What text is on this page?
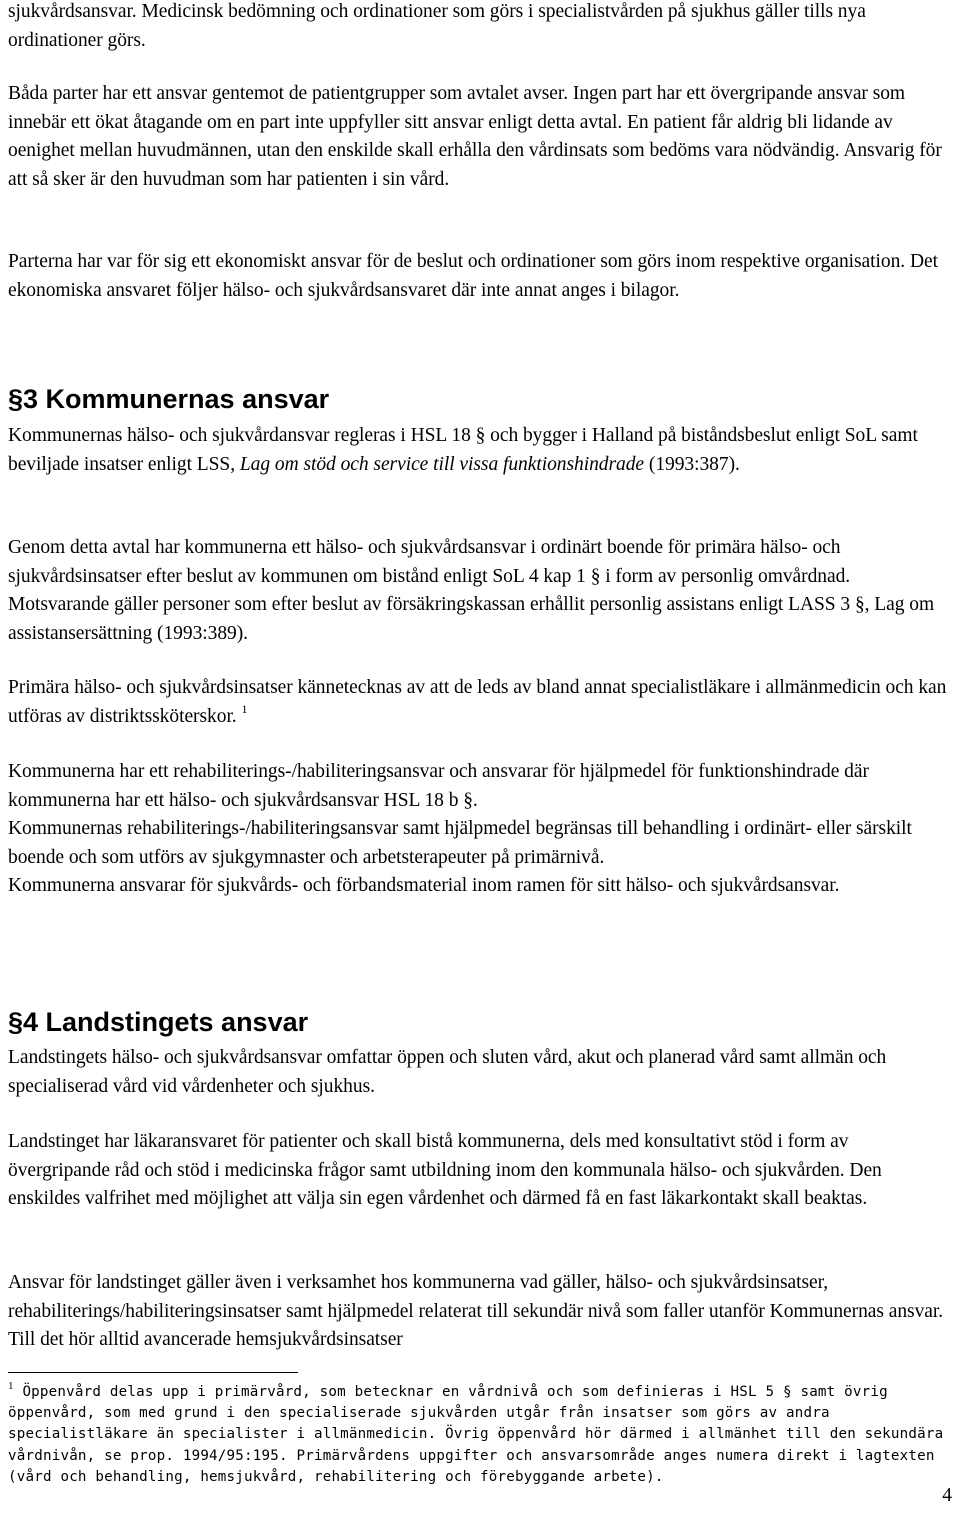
sjukvårdsansvar. Medicinsk bedömning och ordinationer som görs i specialistvården på sjukhus gäller tills nya ordinationer görs.

Båda parter har ett ansvar gentemot de patientgrupper som avtalet avser. Ingen part har ett övergripande ansvar som innebär ett ökat åtagande om en part inte uppfyller sitt ansvar enligt detta avtal. En patient får aldrig bli lidande av oenighet mellan huvudmännen, utan den enskilde skall erhålla den vårdinsats som bedöms vara nödvändig. Ansvarig för att så sker är den huvudman som har patienten i sin vård.

Parterna har var för sig ett ekonomiskt ansvar för de beslut och ordinationer som görs inom respektive organisation. Det ekonomiska ansvaret följer hälso- och sjukvårdsansvaret där inte annat anges i bilagor.

§3 Kommunernas ansvar

Kommunernas hälso- och sjukvårdansvar regleras i HSL 18 § och bygger i Halland på biståndsbeslut enligt SoL samt beviljade insatser enligt LSS, Lag om stöd och service till vissa funktionshindrade (1993:387).

Genom detta avtal har kommunerna ett hälso- och sjukvårdsansvar i ordinärt boende för primära hälso- och sjukvårdsinsatser efter beslut av kommunen om bistånd enligt SoL 4 kap 1 § i form av personlig omvårdnad. Motsvarande gäller personer som efter beslut av försäkringskassan erhållit personlig assistans enligt LASS 3 §, Lag om assistansersättning (1993:389).

Primära hälso- och sjukvårdsinsatser kännetecknas av att de leds av bland annat specialistläkare i allmänmedicin och kan utföras av distriktssköterskor. $^1$

Kommunerna har ett rehabiliterings-/habiliteringsansvar och ansvarar för hjälpmedel för funktionshindrade där kommunerna har ett hälso- och sjukvårdsansvar HSL 18 b §.
Kommunernas rehabiliterings-/habiliteringsansvar samt hjälpmedel begränsas till behandling i ordinärt- eller särskilt boende och som utförs av sjukgymnaster och arbetsterapeuter på primärnivå.
Kommunerna ansvarar för sjukvårds- och förbandsmaterial inom ramen för sitt hälso- och sjukvårdsansvar.

§4 Landstingets ansvar

Landstingets hälso- och sjukvårdsansvar omfattar öppen och sluten vård, akut och planerad vård samt allmän och specialiserad vård vid vårdenheter och sjukhus.

Landstinget har läkaransvaret för patienter och skall bistå kommunerna, dels med konsultativt stöd i form av övergripande råd och stöd i medicinska frågor samt utbildning inom den kommunala hälso- och sjukvården. Den enskildes valfrihet med möjlighet att välja sin egen vårdenhet och därmed få en fast läkarkontakt skall beaktas.

Ansvar för landstinget gäller även i verksamhet hos kommunerna vad gäller, hälso- och sjukvårdsinsatser, rehabiliterings/habiliteringsinsatser samt hjälpmedel relaterat till sekundär nivå som faller utanför Kommunernas ansvar. Till det hör alltid avancerade hemsjukvårdsinsatser

$^1$ Öppenvård delas upp i primärvård, som betecknar en vårdnivå och som definieras i HSL 5 § samt övrig öppenvård, som med grund i den specialiserade sjukvården utgår från insatser som görs av andra specialistläkare än specialister i allmänmedicin. Övrig öppenvård hör därmed i allmänhet till den sekundära vårdnivån, se prop. 1994/95:195. Primärvårdens uppgifter och ansvarsområde anges numera direkt i lagtexten (vård och behandling, hemsjukvård, rehabilitering och förebyggande arbete).

4
